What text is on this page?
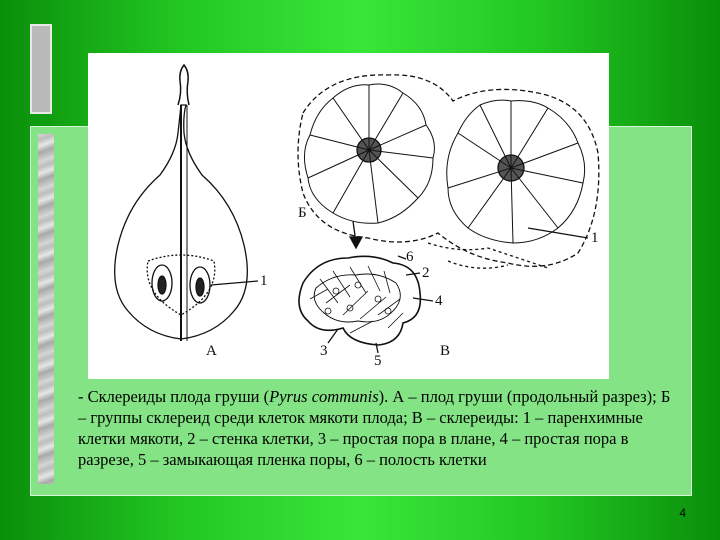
А
1
Б
1
6
2
4
3
5
В
- Склереиды плода груши (Pyrus communis). А – плод груши (продольный разрез); Б – группы склереид среди клеток мякоти плода; В – склереиды: 1 – паренхимные клетки мякоти, 2 – стенка клетки, 3 – простая пора в плане, 4 – простая пора в разрезе, 5 – замыкающая пленка поры, 6 – полость клетки
4
